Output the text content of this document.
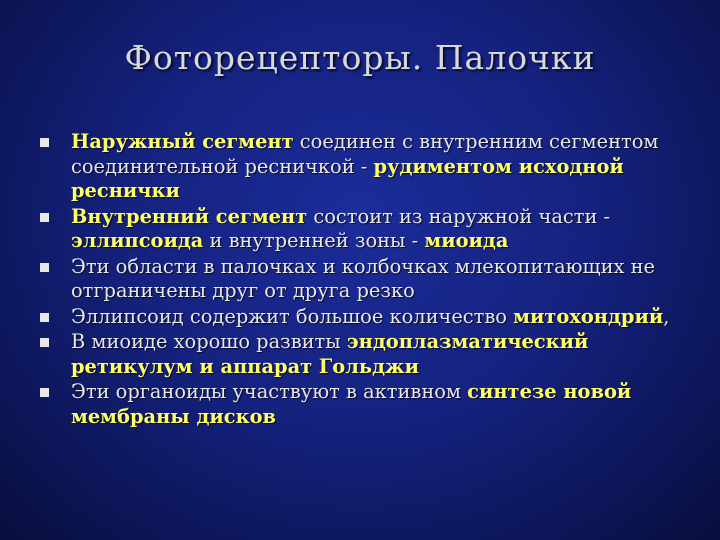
Фоторецепторы. Палочки
Наружный сегмент соединен с внутренним сегментом соединительной ресничкой - рудиментом исходной реснички
Внутренний сегмент состоит из наружной части - эллипсоида и внутренней зоны - миоида
Эти области в палочках и колбочках млекопитающих не отграничены друг от друга резко
Эллипсоид содержит большое количество митохондрий,
В миоиде хорошо развиты эндоплазматический ретикулум и аппарат Гольджи
Эти органоиды участвуют в активном синтезе новой мембраны дисков
